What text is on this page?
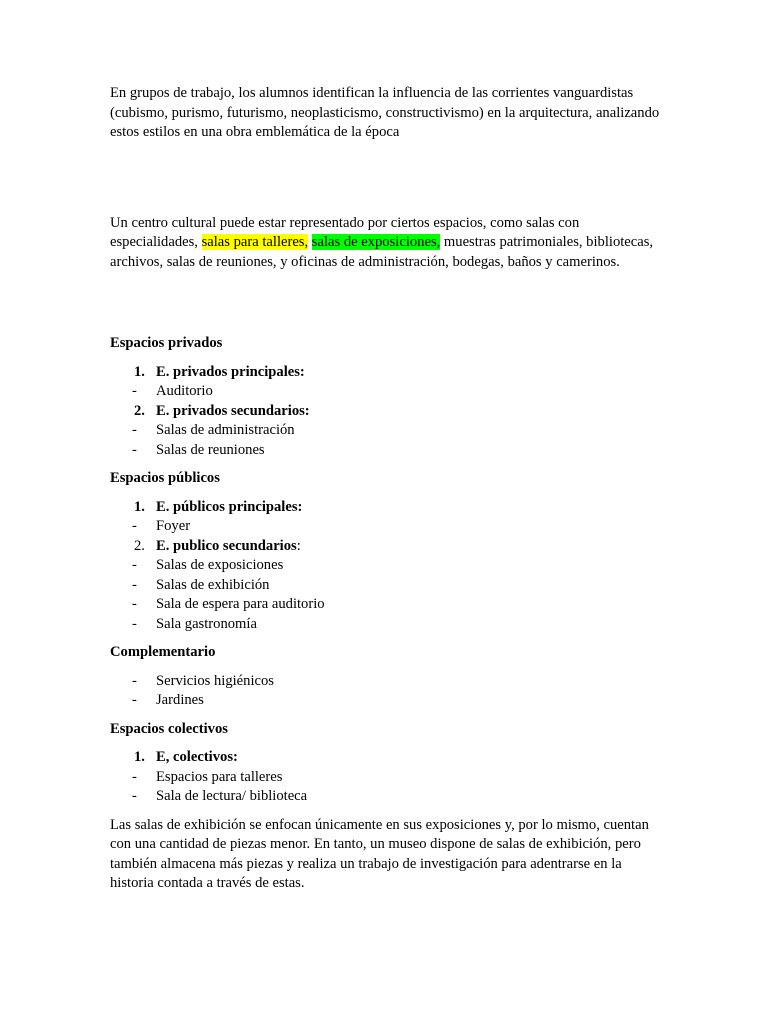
En grupos de trabajo, los alumnos identifican la influencia de las corrientes vanguardistas (cubismo, purismo, futurismo, neoplasticismo, constructivismo) en la arquitectura, analizando estos estilos en una obra emblemática de la época

Un centro cultural puede estar representado por ciertos espacios, como salas con especialidades, salas para talleres, salas de exposiciones, muestras patrimoniales, bibliotecas, archivos, salas de reuniones, y oficinas de administración, bodegas, baños y camerinos.

Espacios privados

1. E. privados principales:
-	Auditorio
2. E. privados secundarios:
-	Salas de administración
-	Salas de reuniones

Espacios públicos

1. E. públicos principales:
-	Foyer
2. E. publico secundarios:
-	Salas de exposiciones
-	Salas de exhibición
-	Sala de espera para auditorio
-	Sala gastronomía

Complementario

-	Servicios higiénicos
-	Jardines

Espacios colectivos

1. E, colectivos:
-	Espacios para talleres
-	Sala de lectura/ biblioteca

Las salas de exhibición se enfocan únicamente en sus exposiciones y, por lo mismo, cuentan con una cantidad de piezas menor. En tanto, un museo dispone de salas de exhibición, pero también almacena más piezas y realiza un trabajo de investigación para adentrarse en la historia contada a través de estas.
